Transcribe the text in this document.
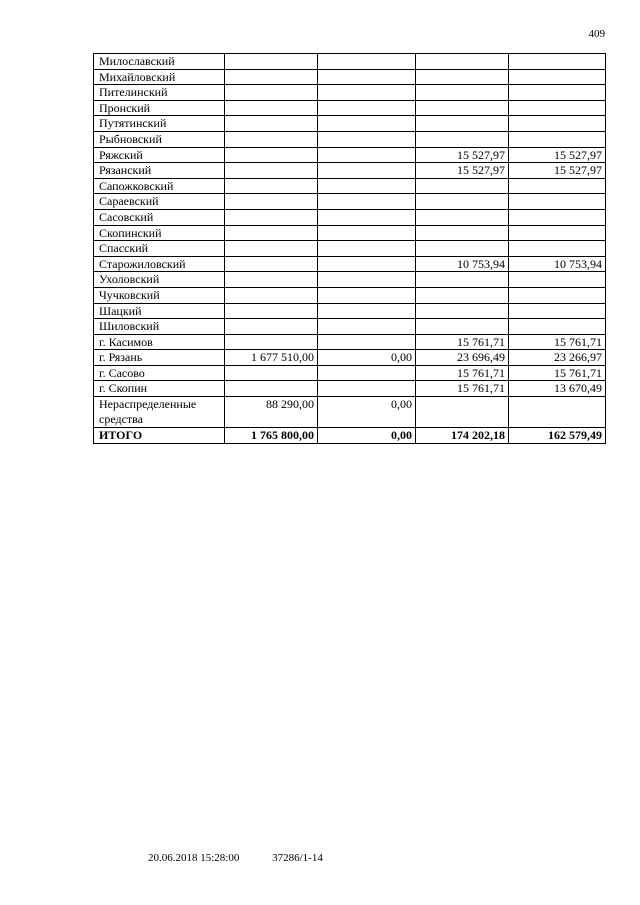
409
Милославский				
Михайловский				
Пителинский				
Пронский				
Путятинский				
Рыбновский				
Ряжский			15 527,97	15 527,97
Рязанский			15 527,97	15 527,97
Сапожковский				
Сараевский				
Сасовский				
Скопинский				
Спасский				
Старожиловский			10 753,94	10 753,94
Ухоловский				
Чучковский				
Шацкий				
Шиловский				
г. Касимов			15 761,71	15 761,71
г. Рязань	1 677 510,00	0,00	23 696,49	23 266,97
г. Сасово			15 761,71	15 761,71
г. Скопин			15 761,71	13 670,49
Нераспределенные средства	88 290,00	0,00		
ИТОГО	1 765 800,00	0,00	174 202,18	162 579,49
20.06.2018 15:28:00	37286/1-14
